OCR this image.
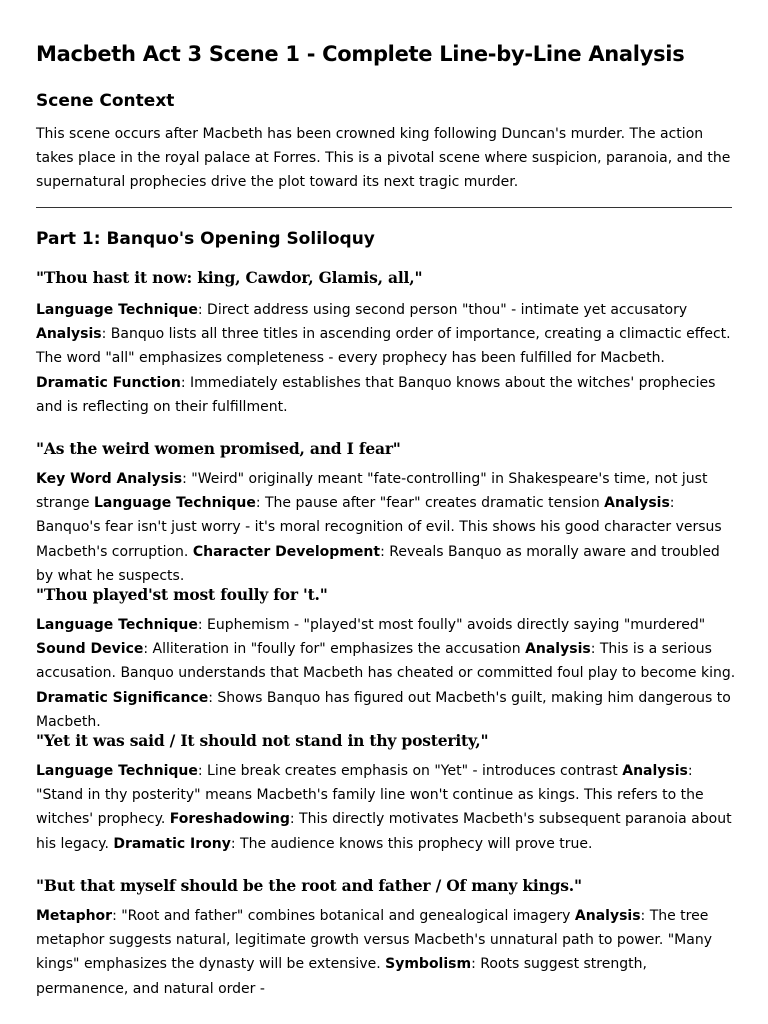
Macbeth Act 3 Scene 1 - Complete Line-by-Line Analysis
Scene Context
This scene occurs after Macbeth has been crowned king following Duncan's murder. The action takes place in the royal palace at Forres. This is a pivotal scene where suspicion, paranoia, and the supernatural prophecies drive the plot toward its next tragic murder.
Part 1: Banquo's Opening Soliloquy
"Thou hast it now: king, Cawdor, Glamis, all,"
Language Technique: Direct address using second person "thou" - intimate yet accusatory Analysis: Banquo lists all three titles in ascending order of importance, creating a climactic effect. The word "all" emphasizes completeness - every prophecy has been fulfilled for Macbeth. Dramatic Function: Immediately establishes that Banquo knows about the witches' prophecies and is reflecting on their fulfillment.
"As the weird women promised, and I fear"
Key Word Analysis: "Weird" originally meant "fate-controlling" in Shakespeare's time, not just strange Language Technique: The pause after "fear" creates dramatic tension Analysis: Banquo's fear isn't just worry - it's moral recognition of evil. This shows his good character versus Macbeth's corruption. Character Development: Reveals Banquo as morally aware and troubled by what he suspects.
"Thou played'st most foully for 't."
Language Technique: Euphemism - "played'st most foully" avoids directly saying "murdered" Sound Device: Alliteration in "foully for" emphasizes the accusation Analysis: This is a serious accusation. Banquo understands that Macbeth has cheated or committed foul play to become king. Dramatic Significance: Shows Banquo has figured out Macbeth's guilt, making him dangerous to Macbeth.
"Yet it was said / It should not stand in thy posterity,"
Language Technique: Line break creates emphasis on "Yet" - introduces contrast Analysis: "Stand in thy posterity" means Macbeth's family line won't continue as kings. This refers to the witches' prophecy. Foreshadowing: This directly motivates Macbeth's subsequent paranoia about his legacy. Dramatic Irony: The audience knows this prophecy will prove true.
"But that myself should be the root and father / Of many kings."
Metaphor: "Root and father" combines botanical and genealogical imagery Analysis: The tree metaphor suggests natural, legitimate growth versus Macbeth's unnatural path to power. "Many kings" emphasizes the dynasty will be extensive. Symbolism: Roots suggest strength, permanence, and natural order -
